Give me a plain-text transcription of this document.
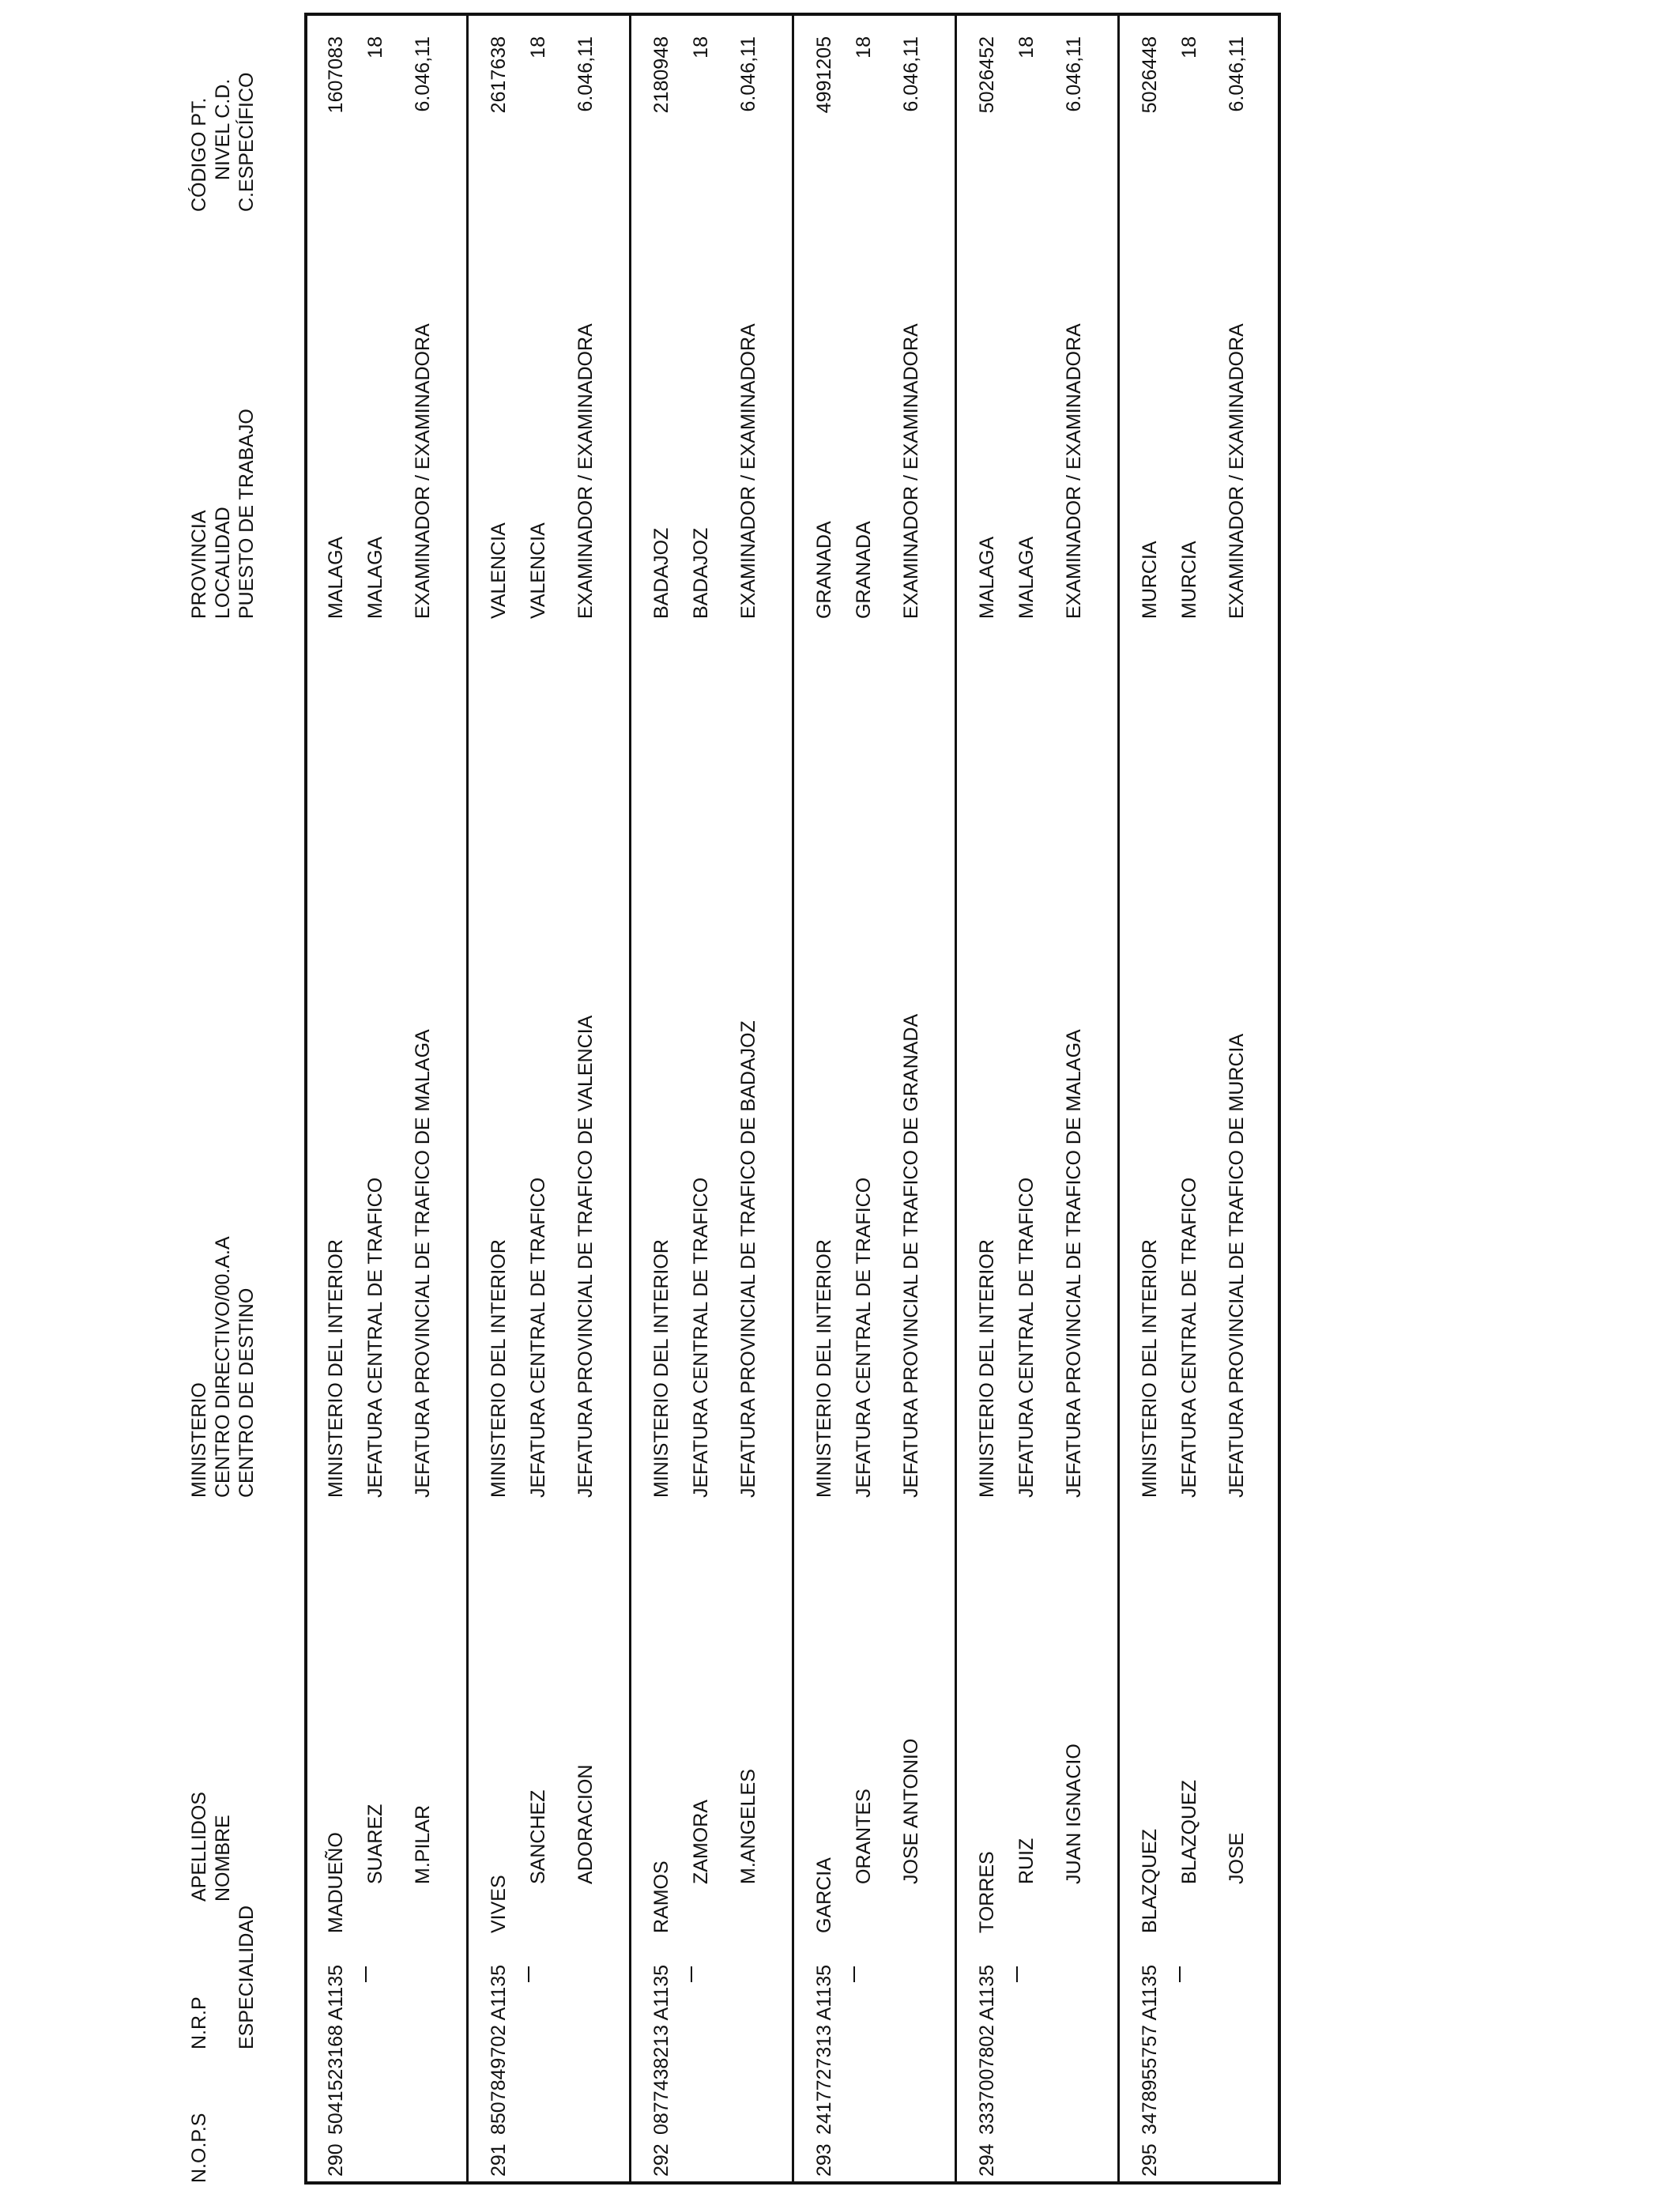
N.O.P.S
N.R.P ESPECIALIDAD
APELLIDOS NOMBRE
MINISTERIO CENTRO DIRECTIVO/00.A.A CENTRO DE DESTINO
PROVINCIA LOCALIDAD PUESTO DE TRABAJO
CÓDIGO PT. NIVEL C.D. C.ESPECÍFICO
290
5041523168 A1135
MADUEÑO SUAREZ M.PILAR
MINISTERIO DEL INTERIOR JEFATURA CENTRAL DE TRAFICO JEFATURA PROVINCIAL DE TRAFICO DE MALAGA
MALAGA MALAGA EXAMINADOR / EXAMINADORA
1607083 18 6.046,11
291
8507849702 A1135
VIVES
SANCHEZ ADORACION
MINISTERIO DEL INTERIOR JEFATURA CENTRAL DE TRAFICO JEFATURA PROVINCIAL DE TRAFICO DE VALENCIA
VALENCIA VALENCIA EXAMINADOR / EXAMINADORA
2617638 18 6.046,11
292
0877438213 A1135
RAMOS
ZAMORA M.ANGELES
MINISTERIO DEL INTERIOR JEFATURA CENTRAL DE TRAFICO JEFATURA PROVINCIAL DE TRAFICO DE BADAJOZ
BADAJOZ BADAJOZ EXAMINADOR / EXAMINADORA
2180948 18 6.046,11
293
2417727313 A1135
GARCIA
ORANTES JOSE ANTONIO
MINISTERIO DEL INTERIOR JEFATURA CENTRAL DE TRAFICO JEFATURA PROVINCIAL DE TRAFICO DE GRANADA
GRANADA GRANADA EXAMINADOR / EXAMINADORA
4991205 18 6.046,11
294
3337007802 A1135
TORRES RUIZ JUAN IGNACIO
MINISTERIO DEL INTERIOR JEFATURA CENTRAL DE TRAFICO JEFATURA PROVINCIAL DE TRAFICO DE MALAGA
MALAGA MALAGA EXAMINADOR / EXAMINADORA
5026452 18 6.046,11
295
3478955757 A1135
BLAZQUEZ BLAZQUEZ JOSE
MINISTERIO DEL INTERIOR JEFATURA CENTRAL DE TRAFICO JEFATURA PROVINCIAL DE TRAFICO DE MURCIA
MURCIA MURCIA EXAMINADOR / EXAMINADORA
5026448 18 6.046,11
